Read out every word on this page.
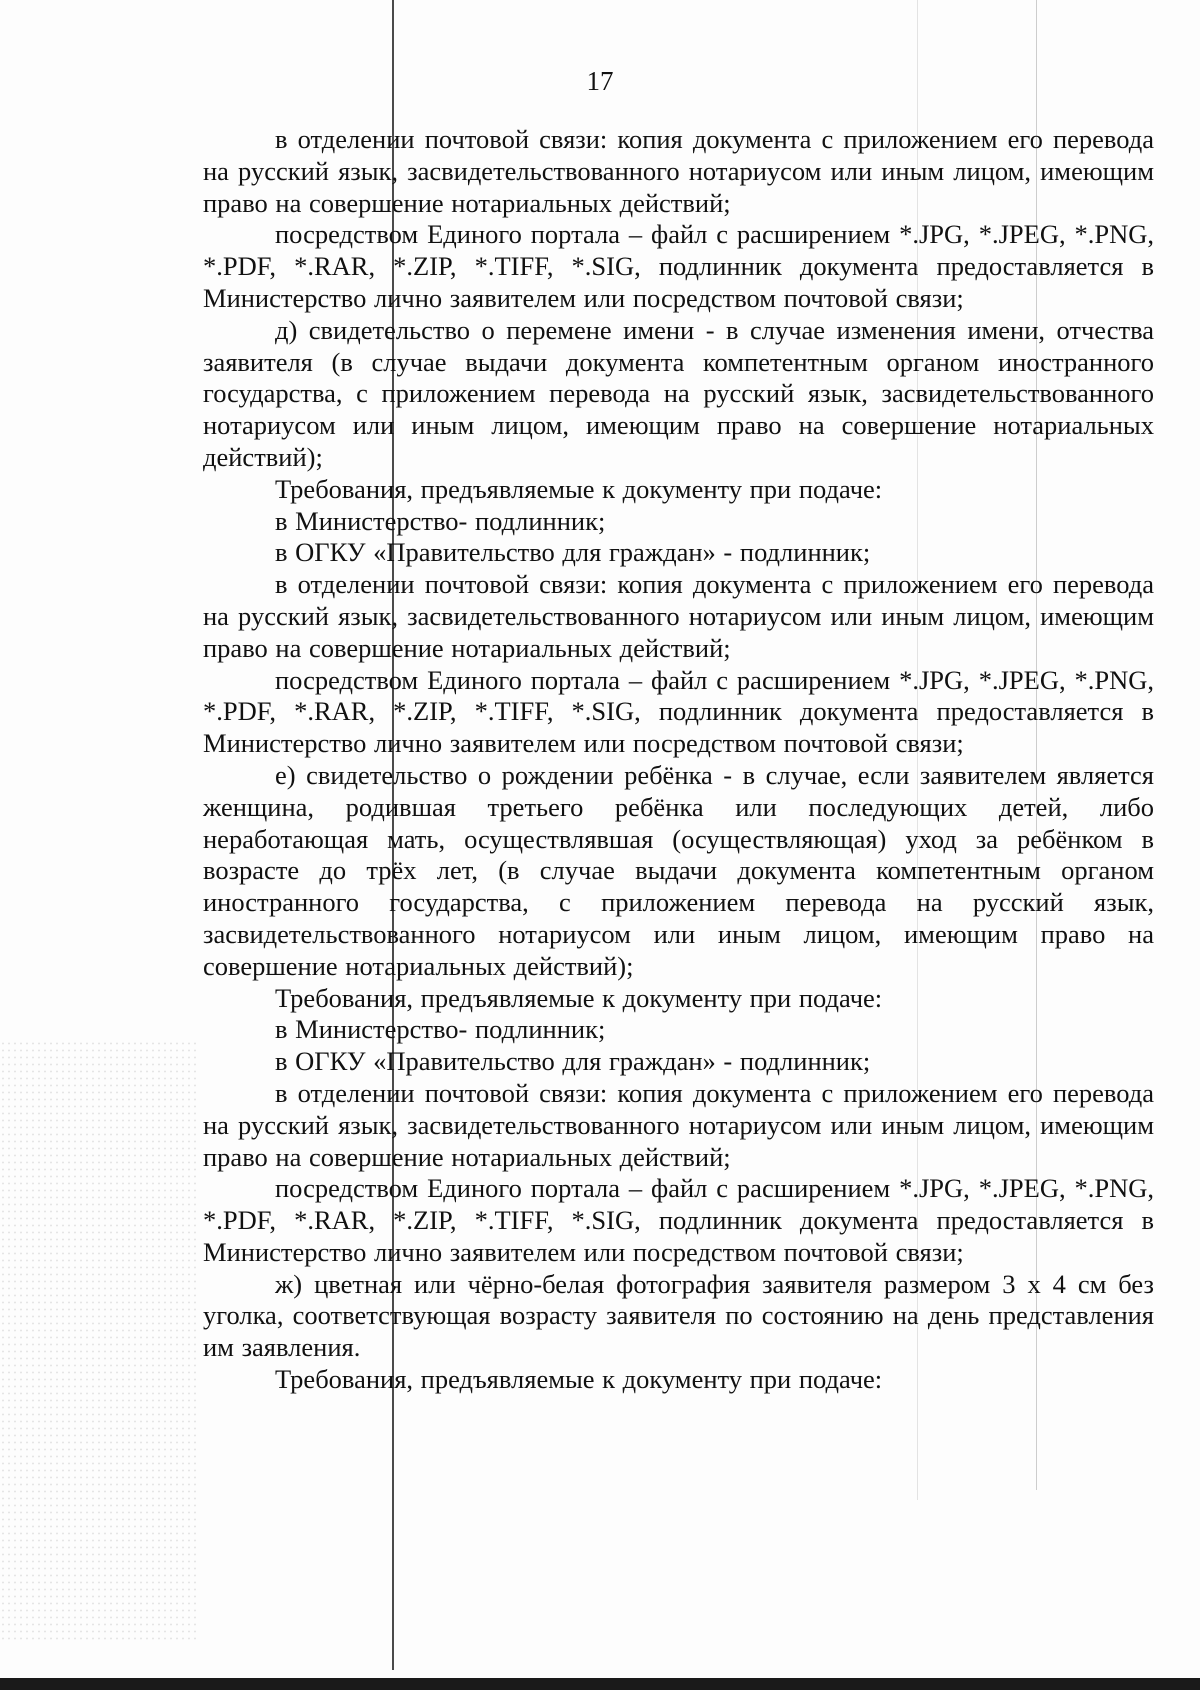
17

в отделении почтовой связи: копия документа с приложением его перевода на русский язык, засвидетельствованного нотариусом или иным лицом, имеющим право на совершение нотариальных действий;

посредством Единого портала – файл с расширением *.JPG, *.JPEG, *.PNG, *.PDF, *.RAR, *.ZIP, *.TIFF, *.SIG, подлинник документа предоставляется в Министерство лично заявителем или посредством почтовой связи;

д) свидетельство о перемене имени - в случае изменения имени, отчества заявителя (в случае выдачи документа компетентным органом иностранного государства, с приложением перевода на русский язык, засвидетельствованного нотариусом или иным лицом, имеющим право на совершение нотариальных действий);

Требования, предъявляемые к документу при подаче:

в Министерство- подлинник;

в ОГКУ «Правительство для граждан» - подлинник;

в отделении почтовой связи: копия документа с приложением его перевода на русский язык, засвидетельствованного нотариусом или иным лицом, имеющим право на совершение нотариальных действий;

посредством Единого портала – файл с расширением *.JPG, *.JPEG, *.PNG, *.PDF, *.RAR, *.ZIP, *.TIFF, *.SIG, подлинник документа предоставляется в Министерство лично заявителем или посредством почтовой связи;

е) свидетельство о рождении ребёнка - в случае, если заявителем является женщина, родившая третьего ребёнка или последующих детей, либо неработающая мать, осуществлявшая (осуществляющая) уход за ребёнком в возрасте до трёх лет, (в случае выдачи документа компетентным органом иностранного государства, с приложением перевода на русский язык, засвидетельствованного нотариусом или иным лицом, имеющим право на совершение нотариальных действий);

Требования, предъявляемые к документу при подаче:

в Министерство- подлинник;

в ОГКУ «Правительство для граждан» - подлинник;

в отделении почтовой связи: копия документа с приложением его перевода на русский язык, засвидетельствованного нотариусом или иным лицом, имеющим право на совершение нотариальных действий;

посредством Единого портала – файл с расширением *.JPG, *.JPEG, *.PNG, *.PDF, *.RAR, *.ZIP, *.TIFF, *.SIG, подлинник документа предоставляется в Министерство лично заявителем или посредством почтовой связи;

ж) цветная или чёрно-белая фотография заявителя размером 3 x 4 см без уголка, соответствующая возрасту заявителя по состоянию на день представления им заявления.

Требования, предъявляемые к документу при подаче:
